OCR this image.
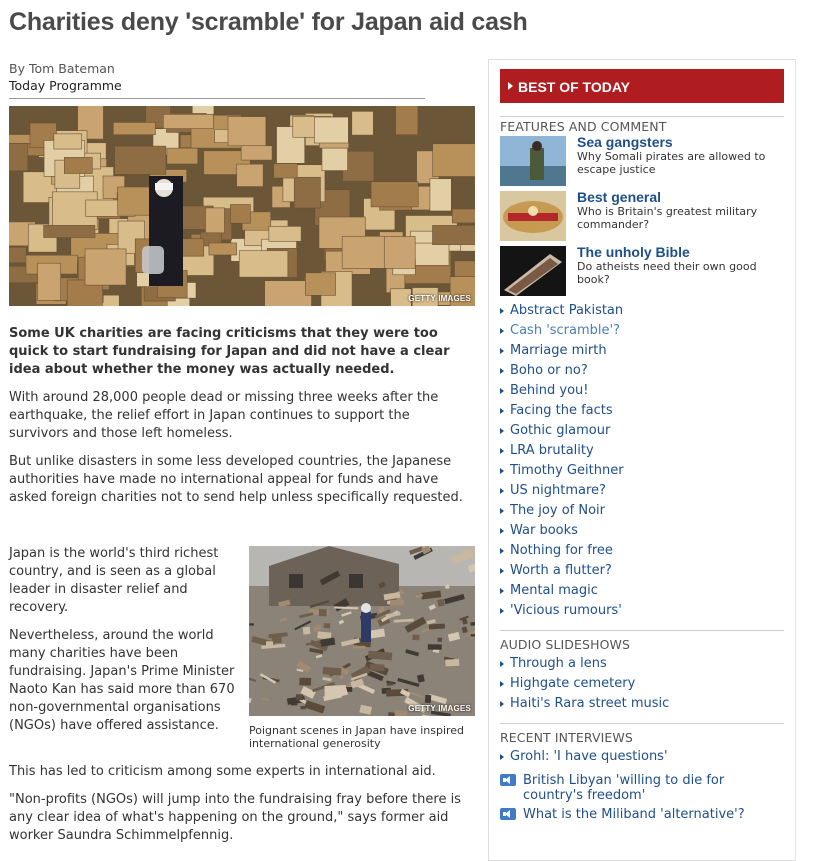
Charities deny 'scramble' for Japan aid cash
By Tom Bateman
Today Programme
GETTY IMAGES

Some UK charities are facing criticisms that they were too quick to start fundraising for Japan and did not have a clear idea about whether the money was actually needed.

With around 28,000 people dead or missing three weeks after the earthquake, the relief effort in Japan continues to support the survivors and those left homeless.

But unlike disasters in some less developed countries, the Japanese authorities have made no international appeal for funds and have asked foreign charities not to send help unless specifically requested.

Japan is the world's third richest country, and is seen as a global leader in disaster relief and recovery.

Nevertheless, around the world many charities have been fundraising. Japan's Prime Minister Naoto Kan has said more than 670 non-governmental organisations (NGOs) have offered assistance.

GETTY IMAGES
Poignant scenes in Japan have inspired international generosity

This has led to criticism among some experts in international aid.

"Non-profits (NGOs) will jump into the fundraising fray before there is any clear idea of what's happening on the ground," says former aid worker Saundra Schimmelpfennig.

BEST OF TODAY
FEATURES AND COMMENT
Sea gangsters
Why Somali pirates are allowed to escape justice
Best general
Who is Britain's greatest military commander?
The unholy Bible
Do atheists need their own good book?
Abstract Pakistan
Cash 'scramble'?
Marriage mirth
Boho or no?
Behind you!
Facing the facts
Gothic glamour
LRA brutality
Timothy Geithner
US nightmare?
The joy of Noir
War books
Nothing for free
Worth a flutter?
Mental magic
'Vicious rumours'
AUDIO SLIDESHOWS
Through a lens
Highgate cemetery
Haiti's Rara street music
RECENT INTERVIEWS
Grohl: 'I have questions'
British Libyan 'willing to die for country's freedom'
What is the Miliband 'alternative'?
